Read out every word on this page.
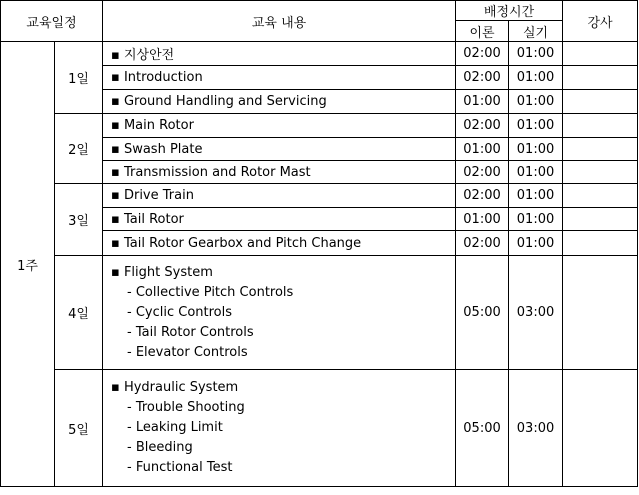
교육일정		교육 내용	배정시간		강사
			이론	실기	
1주	1일	▪ 지상안전	02:00	01:00	
		▪ Introduction	02:00	01:00	
		▪ Ground Handling and Servicing	01:00	01:00	
	2일	▪ Main Rotor	02:00	01:00	
		▪ Swash Plate	01:00	01:00	
		▪ Transmission and Rotor Mast	02:00	01:00	
	3일	▪ Drive Train	02:00	01:00	
		▪ Tail Rotor	01:00	01:00	
		▪ Tail Rotor Gearbox and Pitch Change	02:00	01:00	
	4일	▪ Flight System
- Collective Pitch Controls
- Cyclic Controls
- Tail Rotor Controls
- Elevator Controls	05:00	03:00	
	5일	▪ Hydraulic System
- Trouble Shooting
- Leaking Limit
- Bleeding
- Functional Test	05:00	03:00	
